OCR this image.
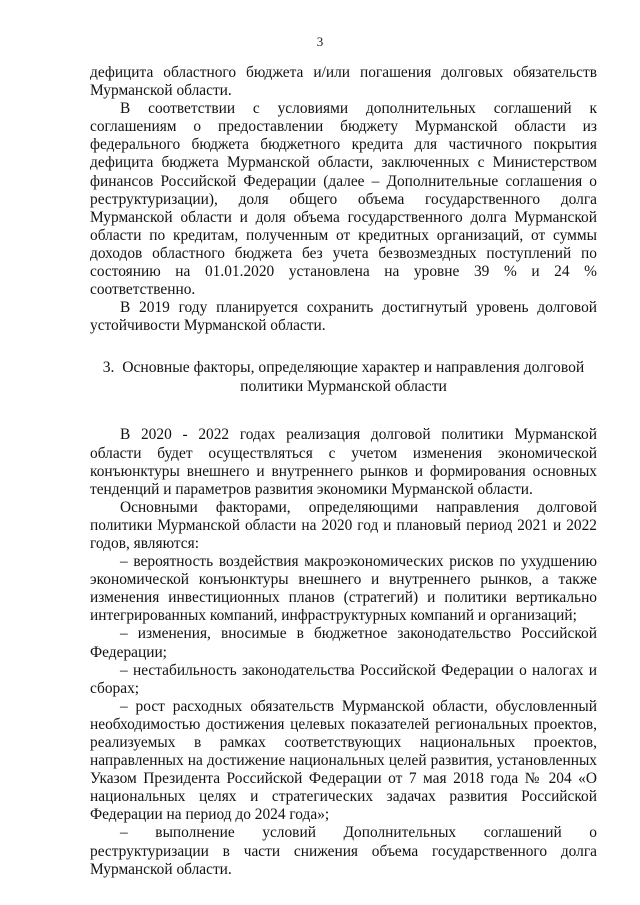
3

дефицита областного бюджета и/или погашения долговых обязательств Мурманской области.

В соответствии с условиями дополнительных соглашений к соглашениям о предоставлении бюджету Мурманской области из федерального бюджета бюджетного кредита для частичного покрытия дефицита бюджета Мурманской области, заключенных с Министерством финансов Российской Федерации (далее – Дополнительные соглашения о реструктуризации), доля общего объема государственного долга Мурманской области и доля объема государственного долга Мурманской области по кредитам, полученным от кредитных организаций, от суммы доходов областного бюджета без учета безвозмездных поступлений по состоянию на 01.01.2020 установлена на уровне 39 % и 24 % соответственно.

В 2019 году планируется сохранить достигнутый уровень долговой устойчивости Мурманской области.

3. Основные факторы, определяющие характер и направления долговой
политики Мурманской области

В 2020 - 2022 годах реализация долговой политики Мурманской области будет осуществляться с учетом изменения экономической конъюнктуры внешнего и внутреннего рынков и формирования основных тенденций и параметров развития экономики Мурманской области.

Основными факторами, определяющими направления долговой политики Мурманской области на 2020 год и плановый период 2021 и 2022 годов, являются:

– вероятность воздействия макроэкономических рисков по ухудшению экономической конъюнктуры внешнего и внутреннего рынков, а также изменения инвестиционных планов (стратегий) и политики вертикально интегрированных компаний, инфраструктурных компаний и организаций;

– изменения, вносимые в бюджетное законодательство Российской Федерации;

– нестабильность законодательства Российской Федерации о налогах и сборах;

– рост расходных обязательств Мурманской области, обусловленный необходимостью достижения целевых показателей региональных проектов, реализуемых в рамках соответствующих национальных проектов, направленных на достижение национальных целей развития, установленных Указом Президента Российской Федерации от 7 мая 2018 года № 204 «О национальных целях и стратегических задачах развития Российской Федерации на период до 2024 года»;

– выполнение условий Дополнительных соглашений о реструктуризации в части снижения объема государственного долга Мурманской области.
